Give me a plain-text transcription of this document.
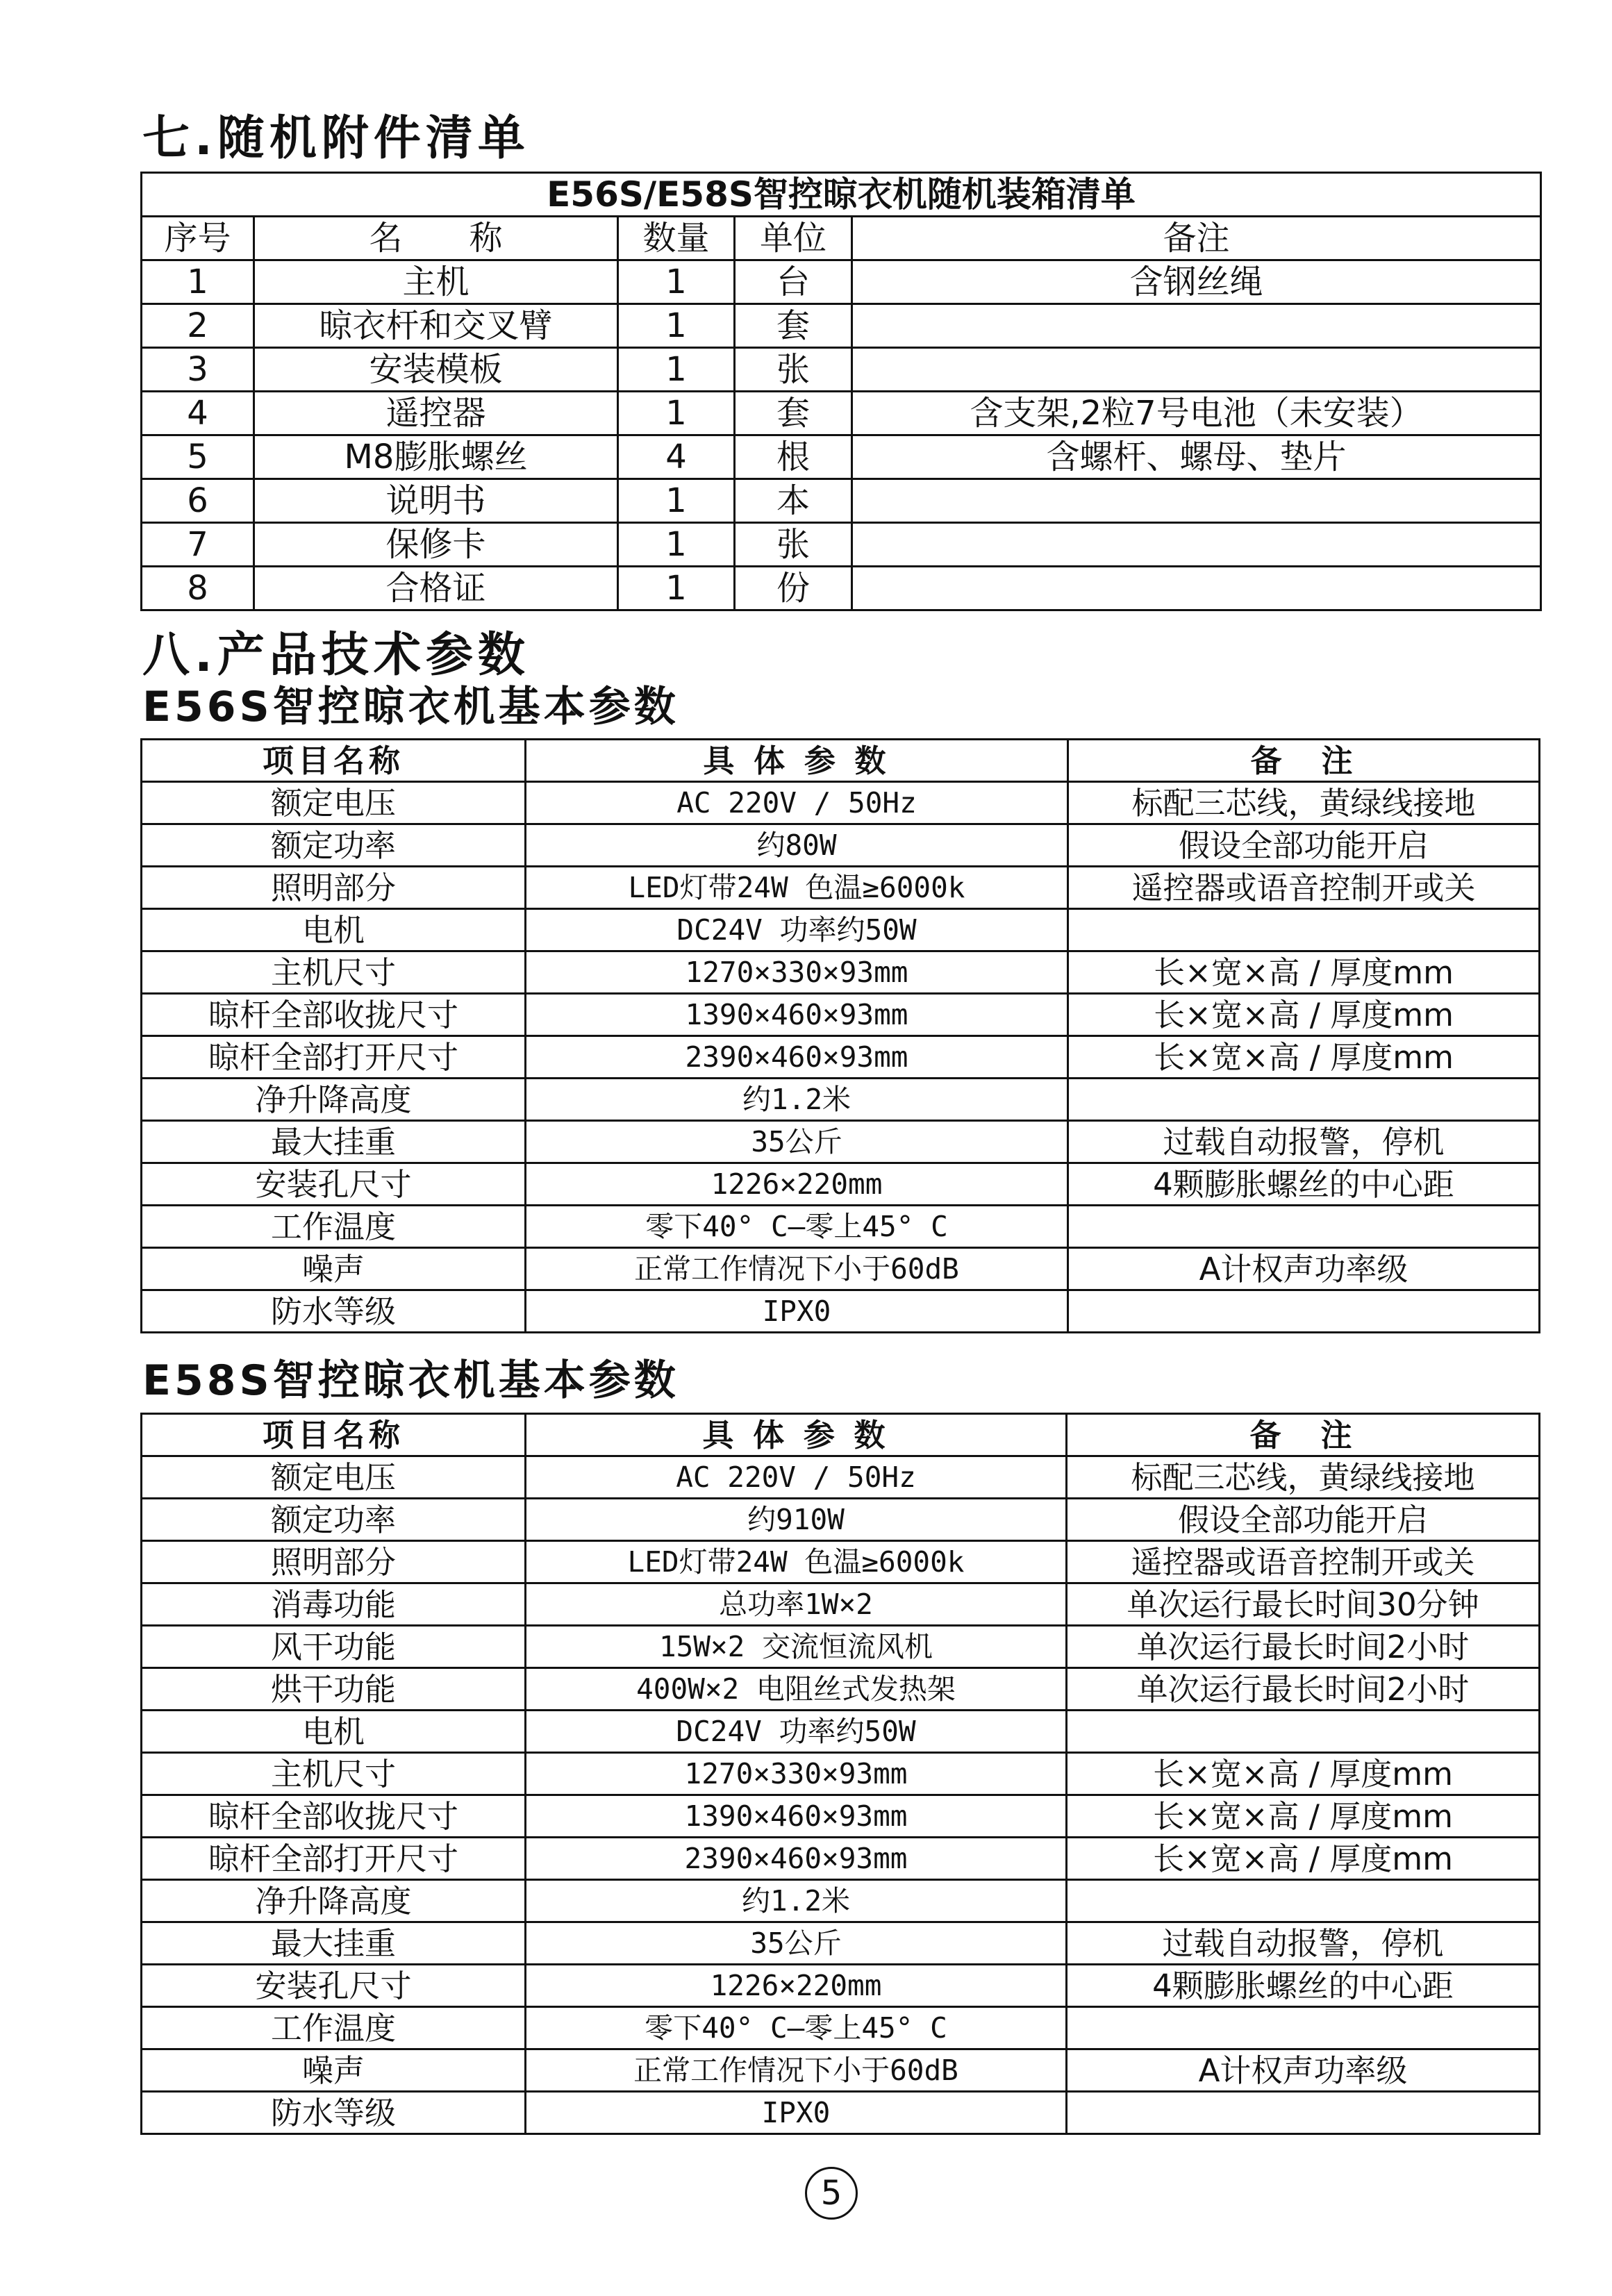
七.随机附件清单
E56S/E58S智控晾衣机随机装箱清单				
序号	名　　称	数量	单位	备注
1	主机	1	台	含钢丝绳
2	晾衣杆和交叉臂	1	套	
3	安装模板	1	张	
4	遥控器	1	套	含支架,2粒7号电池（未安装）
5	M8膨胀螺丝	4	根	含螺杆、螺母、垫片
6	说明书	1	本	
7	保修卡	1	张	
8	合格证	1	份	
八.产品技术参数
E56S智控晾衣机基本参数
项目名称	具 体 参 数	备　注
额定电压	AC 220V / 50Hz	标配三芯线，黄绿线接地
额定功率	约80W	假设全部功能开启
照明部分	LED灯带24W 色温≥6000k	遥控器或语音控制开或关
电机	DC24V 功率约50W	
主机尺寸	1270×330×93mm	长×宽×高 / 厚度mm
晾杆全部收拢尺寸	1390×460×93mm	长×宽×高 / 厚度mm
晾杆全部打开尺寸	2390×460×93mm	长×宽×高 / 厚度mm
净升降高度	约1.2米	
最大挂重	35公斤	过载自动报警，停机
安装孔尺寸	1226×220mm	4颗膨胀螺丝的中心距
工作温度	零下40° C—零上45° C	
噪声	正常工作情况下小于60dB	A计权声功率级
防水等级	IPX0	
E58S智控晾衣机基本参数
项目名称	具 体 参 数	备　注
额定电压	AC 220V / 50Hz	标配三芯线，黄绿线接地
额定功率	约910W	假设全部功能开启
照明部分	LED灯带24W 色温≥6000k	遥控器或语音控制开或关
消毒功能	总功率1W×2	单次运行最长时间30分钟
风干功能	15W×2 交流恒流风机	单次运行最长时间2小时
烘干功能	400W×2 电阻丝式发热架	单次运行最长时间2小时
电机	DC24V 功率约50W	
主机尺寸	1270×330×93mm	长×宽×高 / 厚度mm
晾杆全部收拢尺寸	1390×460×93mm	长×宽×高 / 厚度mm
晾杆全部打开尺寸	2390×460×93mm	长×宽×高 / 厚度mm
净升降高度	约1.2米	
最大挂重	35公斤	过载自动报警，停机
安装孔尺寸	1226×220mm	4颗膨胀螺丝的中心距
工作温度	零下40° C—零上45° C	
噪声	正常工作情况下小于60dB	A计权声功率级
防水等级	IPX0	
5
